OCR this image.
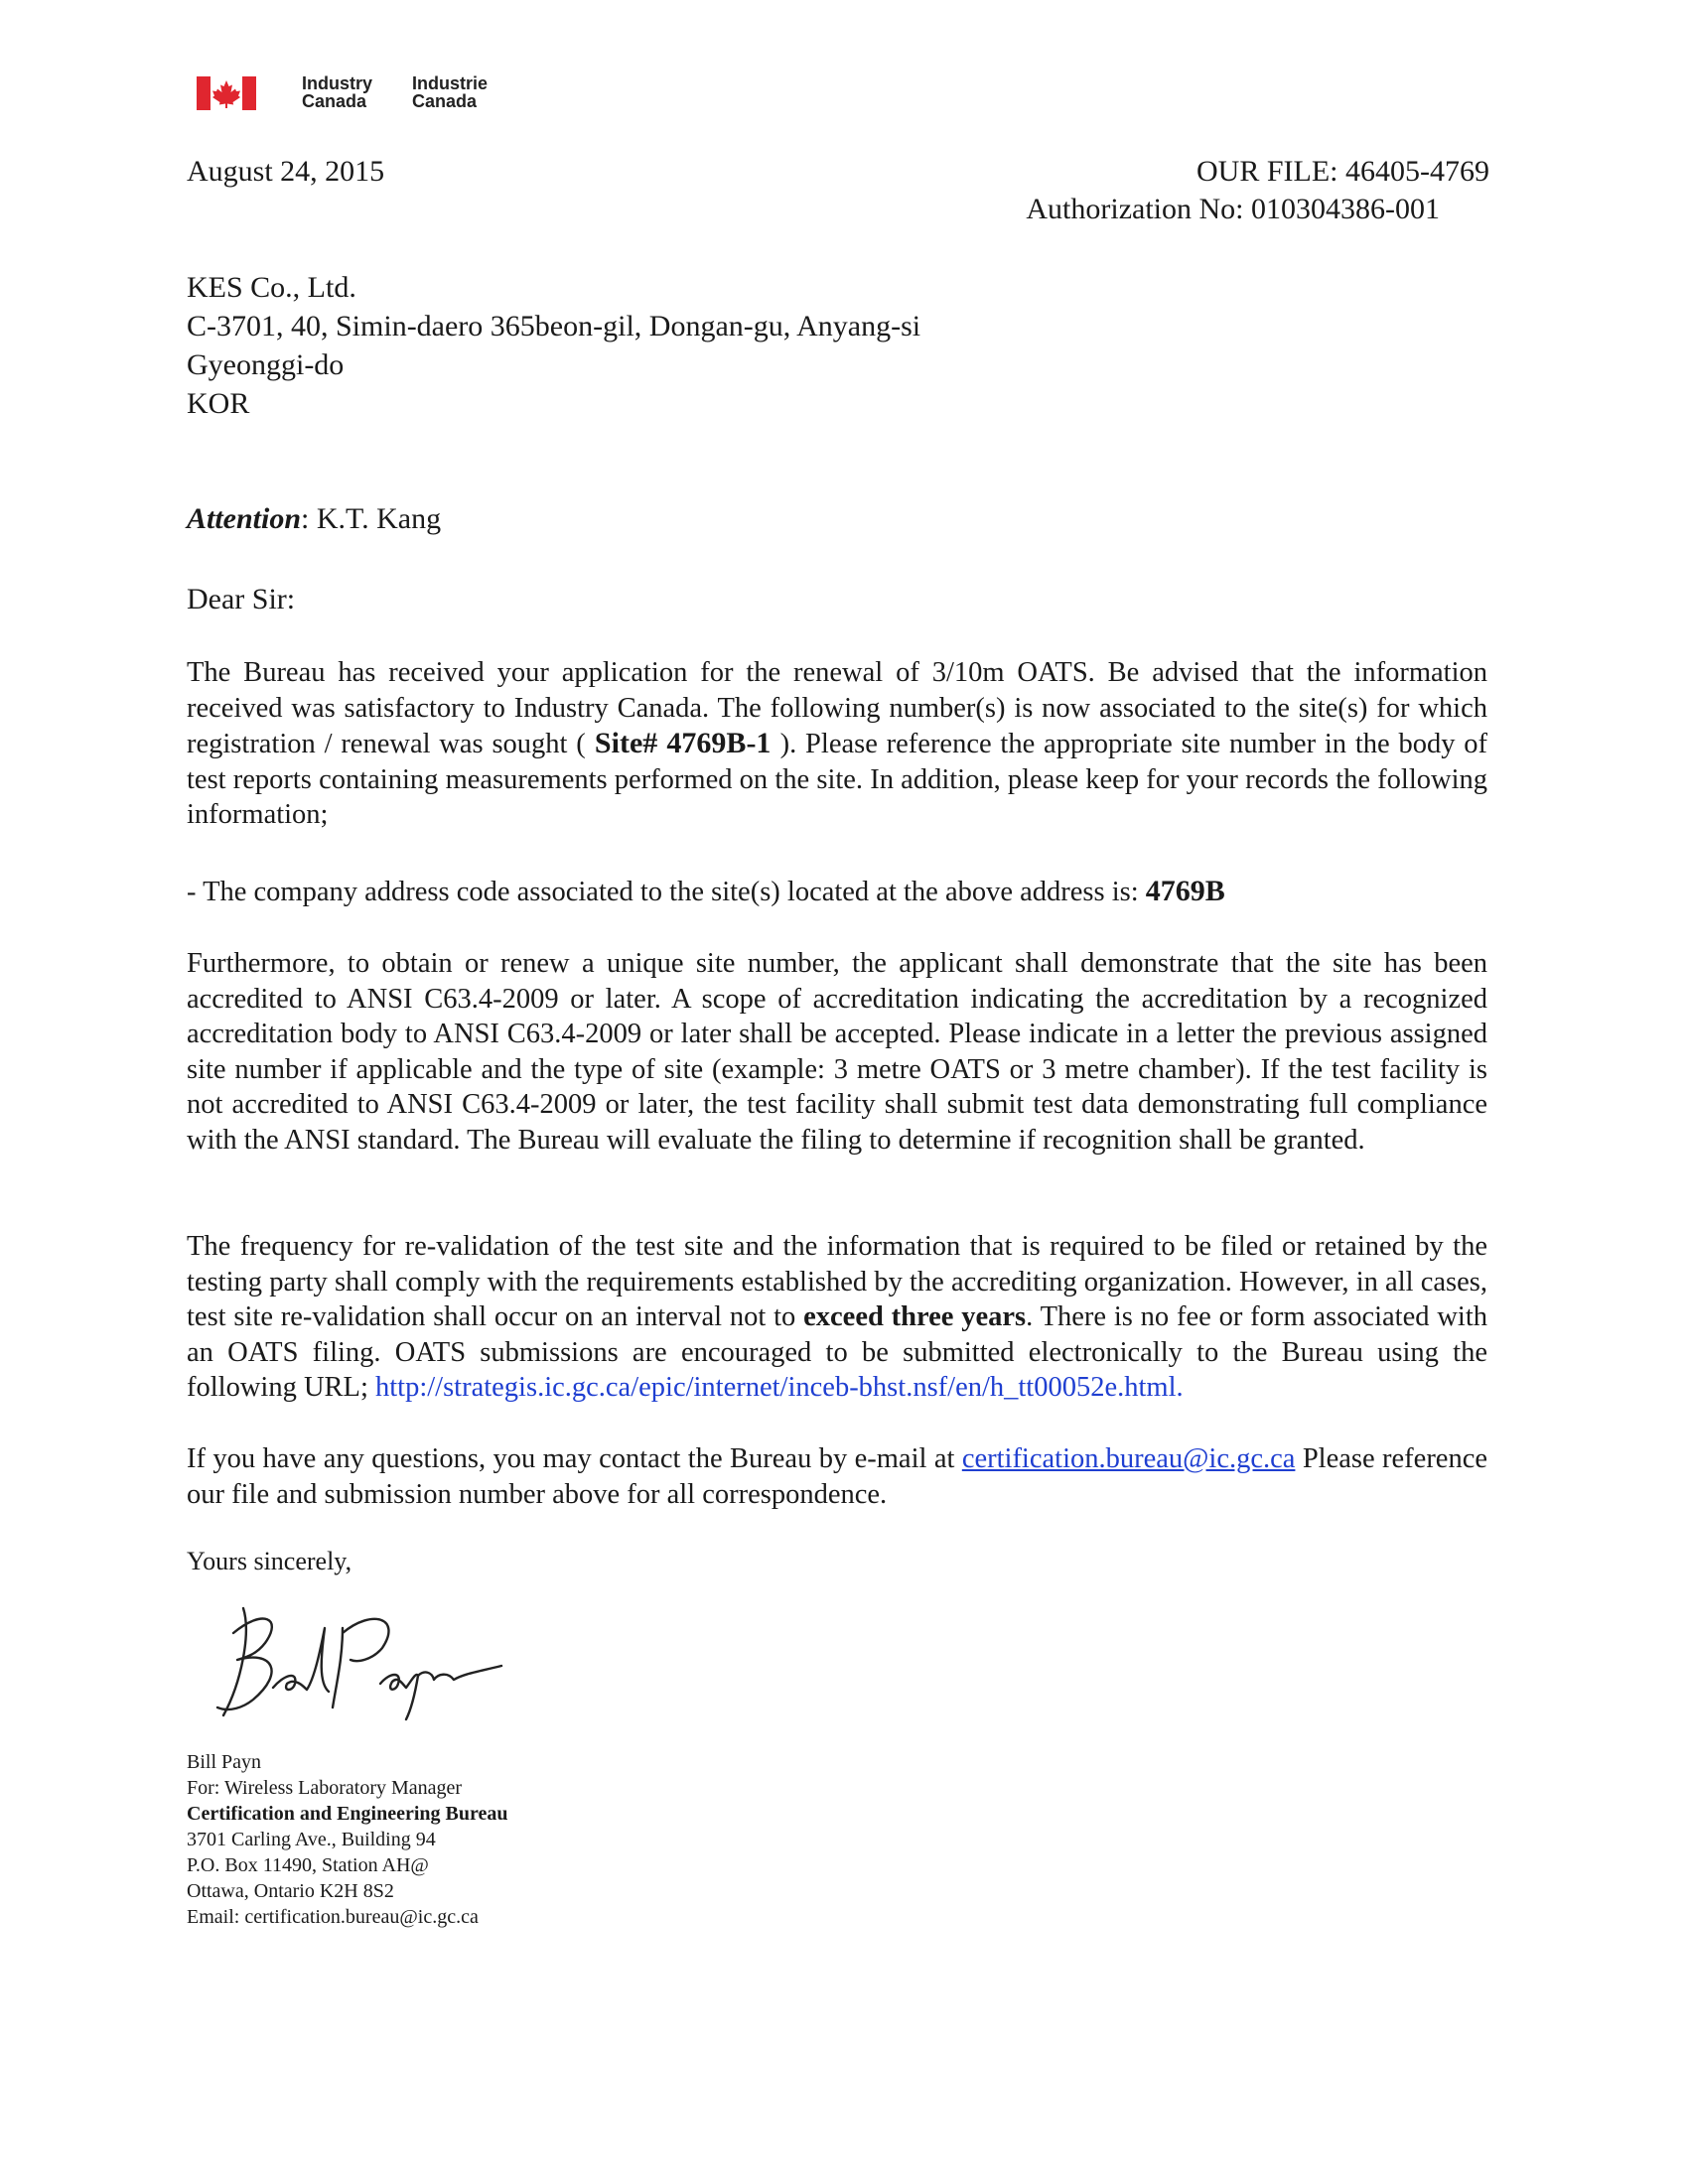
Industry
Canada
Industrie
Canada
August 24, 2015	OUR FILE: 46405-4769
Authorization No: 010304386-001
KES Co., Ltd.
C-3701, 40, Simin-daero 365beon-gil, Dongan-gu, Anyang-si
Gyeonggi-do
KOR
Attention: K.T. Kang
Dear Sir:
The Bureau has received your application for the renewal of 3/10m OATS. Be advised that the information received was satisfactory to Industry Canada. The following number(s) is now associated to the site(s) for which registration / renewal was sought ( Site# 4769B-1 ). Please reference the appropriate site number in the body of test reports containing measurements performed on the site. In addition, please keep for your records the following information;
- The company address code associated to the site(s) located at the above address is: 4769B
Furthermore, to obtain or renew a unique site number, the applicant shall demonstrate that the site has been accredited to ANSI C63.4-2009 or later. A scope of accreditation indicating the accreditation by a recognized accreditation body to ANSI C63.4-2009 or later shall be accepted. Please indicate in a letter the previous assigned site number if applicable and the type of site (example: 3 metre OATS or 3 metre chamber). If the test facility is not accredited to ANSI C63.4-2009 or later, the test facility shall submit test data demonstrating full compliance with the ANSI standard. The Bureau will evaluate the filing to determine if recognition shall be granted.
The frequency for re-validation of the test site and the information that is required to be filed or retained by the testing party shall comply with the requirements established by the accrediting organization. However, in all cases, test site re-validation shall occur on an interval not to exceed three years. There is no fee or form associated with an OATS filing. OATS submissions are encouraged to be submitted electronically to the Bureau using the following URL; http://strategis.ic.gc.ca/epic/internet/inceb-bhst.nsf/en/h_tt00052e.html.
If you have any questions, you may contact the Bureau by e-mail at certification.bureau@ic.gc.ca Please reference our file and submission number above for all correspondence.
Yours sincerely,
Bill Payn
For: Wireless Laboratory Manager
Certification and Engineering Bureau
3701 Carling Ave., Building 94
P.O. Box 11490, Station AH@
Ottawa, Ontario K2H 8S2
Email: certification.bureau@ic.gc.ca
